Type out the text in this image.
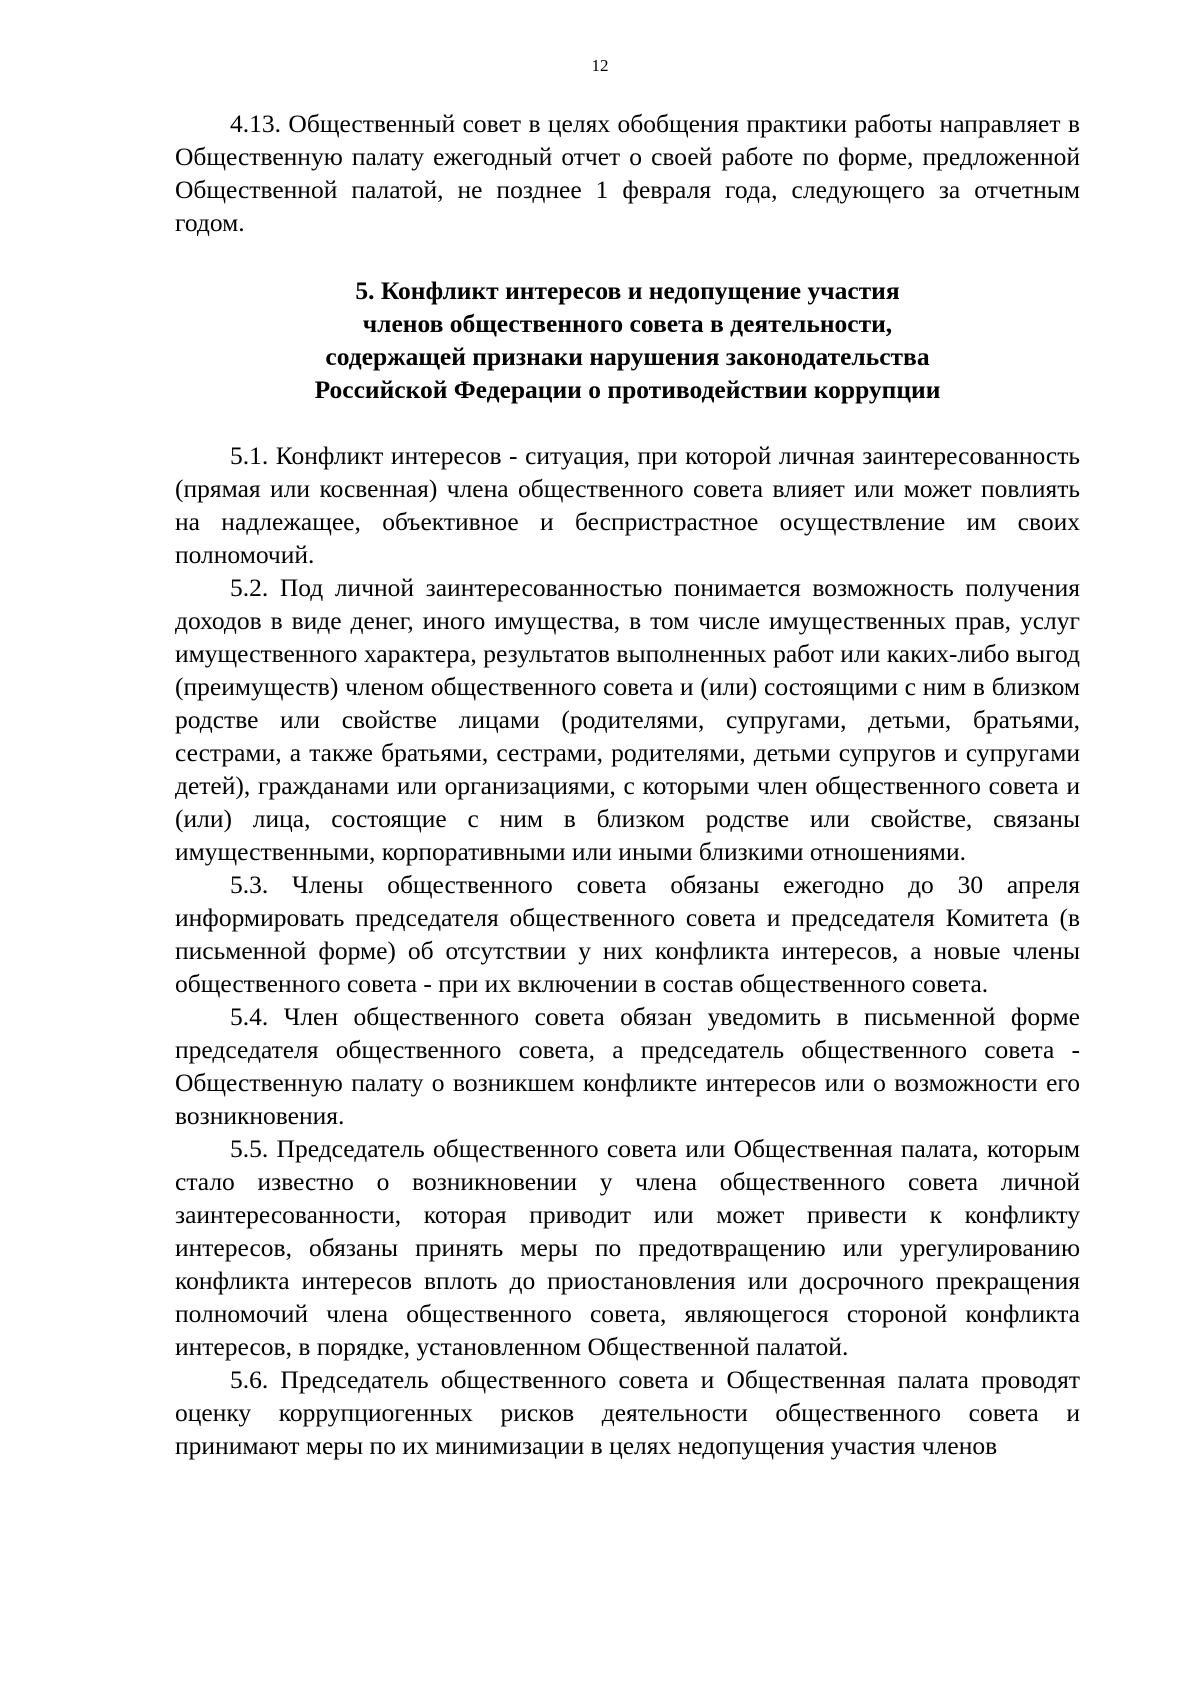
12

4.13. Общественный совет в целях обобщения практики работы направляет в Общественную палату ежегодный отчет о своей работе по форме, предложенной Общественной палатой, не позднее 1 февраля года, следующего за отчетным годом.

5. Конфликт интересов и недопущение участия
членов общественного совета в деятельности,
содержащей признаки нарушения законодательства
Российской Федерации о противодействии коррупции

5.1. Конфликт интересов - ситуация, при которой личная заинтересованность (прямая или косвенная) члена общественного совета влияет или может повлиять на надлежащее, объективное и беспристрастное осуществление им своих полномочий.

5.2. Под личной заинтересованностью понимается возможность получения доходов в виде денег, иного имущества, в том числе имущественных прав, услуг имущественного характера, результатов выполненных работ или каких-либо выгод (преимуществ) членом общественного совета и (или) состоящими с ним в близком родстве или свойстве лицами (родителями, супругами, детьми, братьями, сестрами, а также братьями, сестрами, родителями, детьми супругов и супругами детей), гражданами или организациями, с которыми член общественного совета и (или) лица, состоящие с ним в близком родстве или свойстве, связаны имущественными, корпоративными или иными близкими отношениями.

5.3. Члены общественного совета обязаны ежегодно до 30 апреля информировать председателя общественного совета и председателя Комитета (в письменной форме) об отсутствии у них конфликта интересов, а новые члены общественного совета - при их включении в состав общественного совета.

5.4. Член общественного совета обязан уведомить в письменной форме председателя общественного совета, а председатель общественного совета - Общественную палату о возникшем конфликте интересов или о возможности его возникновения.

5.5. Председатель общественного совета или Общественная палата, которым стало известно о возникновении у члена общественного совета личной заинтересованности, которая приводит или может привести к конфликту интересов, обязаны принять меры по предотвращению или урегулированию конфликта интересов вплоть до приостановления или досрочного прекращения полномочий члена общественного совета, являющегося стороной конфликта интересов, в порядке, установленном Общественной палатой.

5.6. Председатель общественного совета и Общественная палата проводят оценку коррупциогенных рисков деятельности общественного совета и принимают меры по их минимизации в целях недопущения участия членов
